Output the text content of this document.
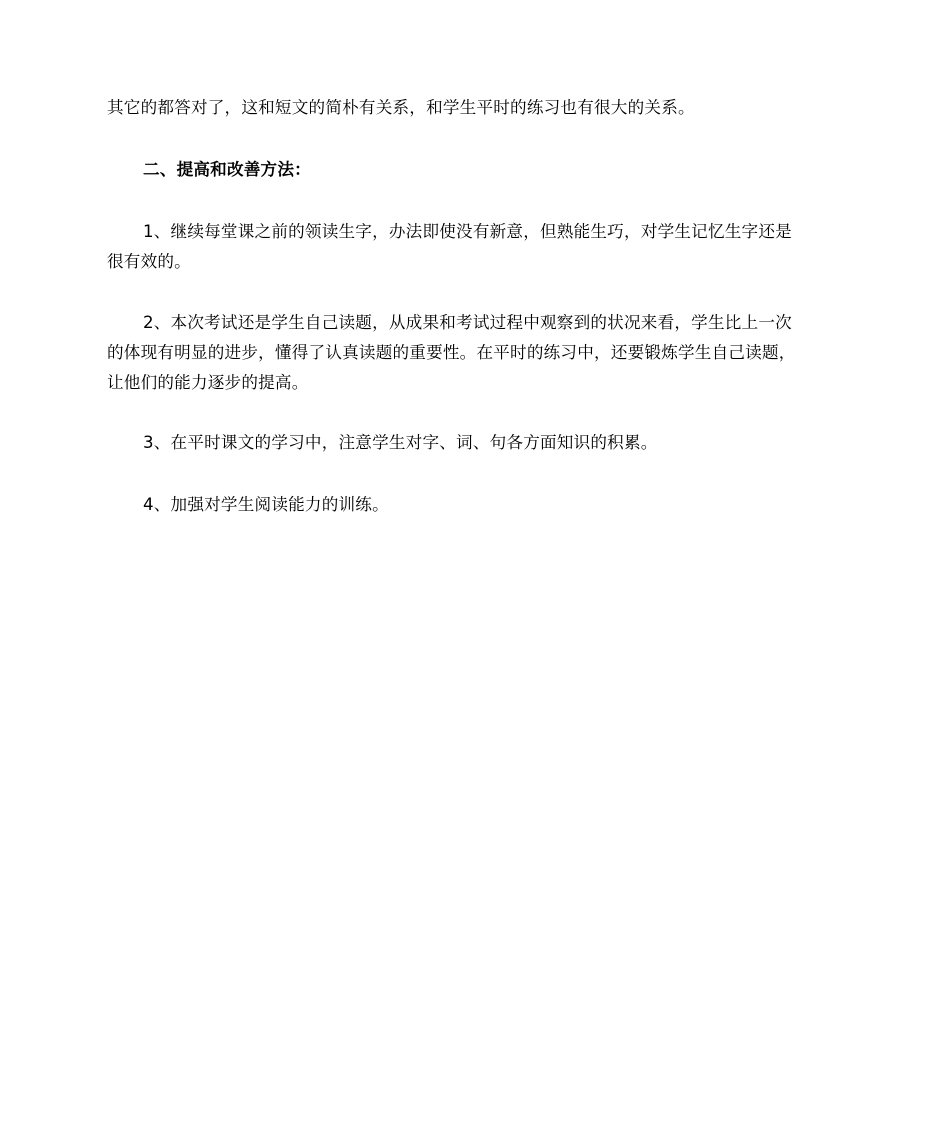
其它的都答对了，这和短文的简朴有关系，和学生平时的练习也有很大的关系。
二、提高和改善方法：
1、继续每堂课之前的领读生字，办法即使没有新意，但熟能生巧，对学生记忆生字还是
很有效的。
2、本次考试还是学生自己读题，从成果和考试过程中观察到的状况来看，学生比上一次
的体现有明显的进步，懂得了认真读题的重要性。在平时的练习中，还要锻炼学生自己读题，
让他们的能力逐步的提高。
3、在平时课文的学习中，注意学生对字、词、句各方面知识的积累。
4、加强对学生阅读能力的训练。
